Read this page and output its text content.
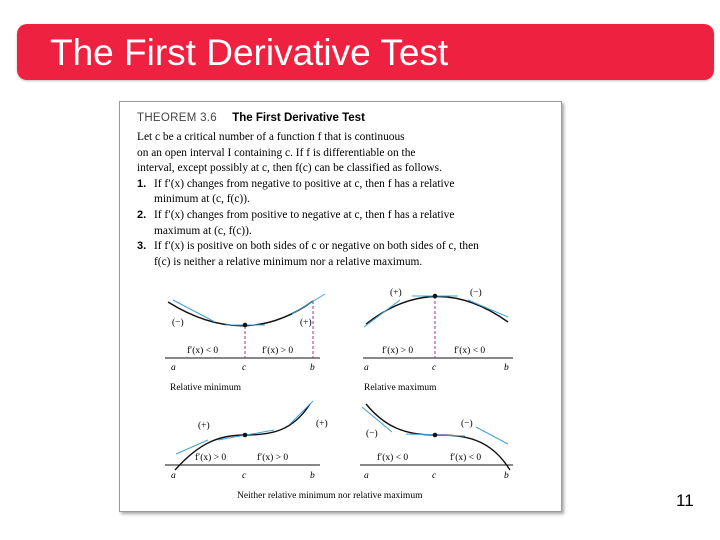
The First Derivative Test
THEOREM 3.6 The First Derivative Test

Let c be a critical number of a function f that is continuous

on an open interval I containing c. If f is differentiable on the

interval, except possibly at c, then f(c) can be classified as follows.

1. If f′(x) changes from negative to positive at c, then f has a relative
minimum at (c, f(c)).
2. If f′(x) changes from positive to negative at c, then f has a relative
maximum at (c, f(c)).
3. If f′(x) is positive on both sides of c or negative on both sides of c, then
f(c) is neither a relative minimum nor a relative maximum.
(−)	(+)
f′(x) < 0	f′(x) > 0
a	c	b
Relative minimum
(+)	(−)
f′(x) > 0	f′(x) < 0
a	c	b
Relative maximum
(+)	(+)
f′(x) > 0	f′(x) > 0
a	c	b
(−)
(−)
f′(x) < 0	f′(x) < 0
a	c	b
Neither relative minimum nor relative maximum	11
